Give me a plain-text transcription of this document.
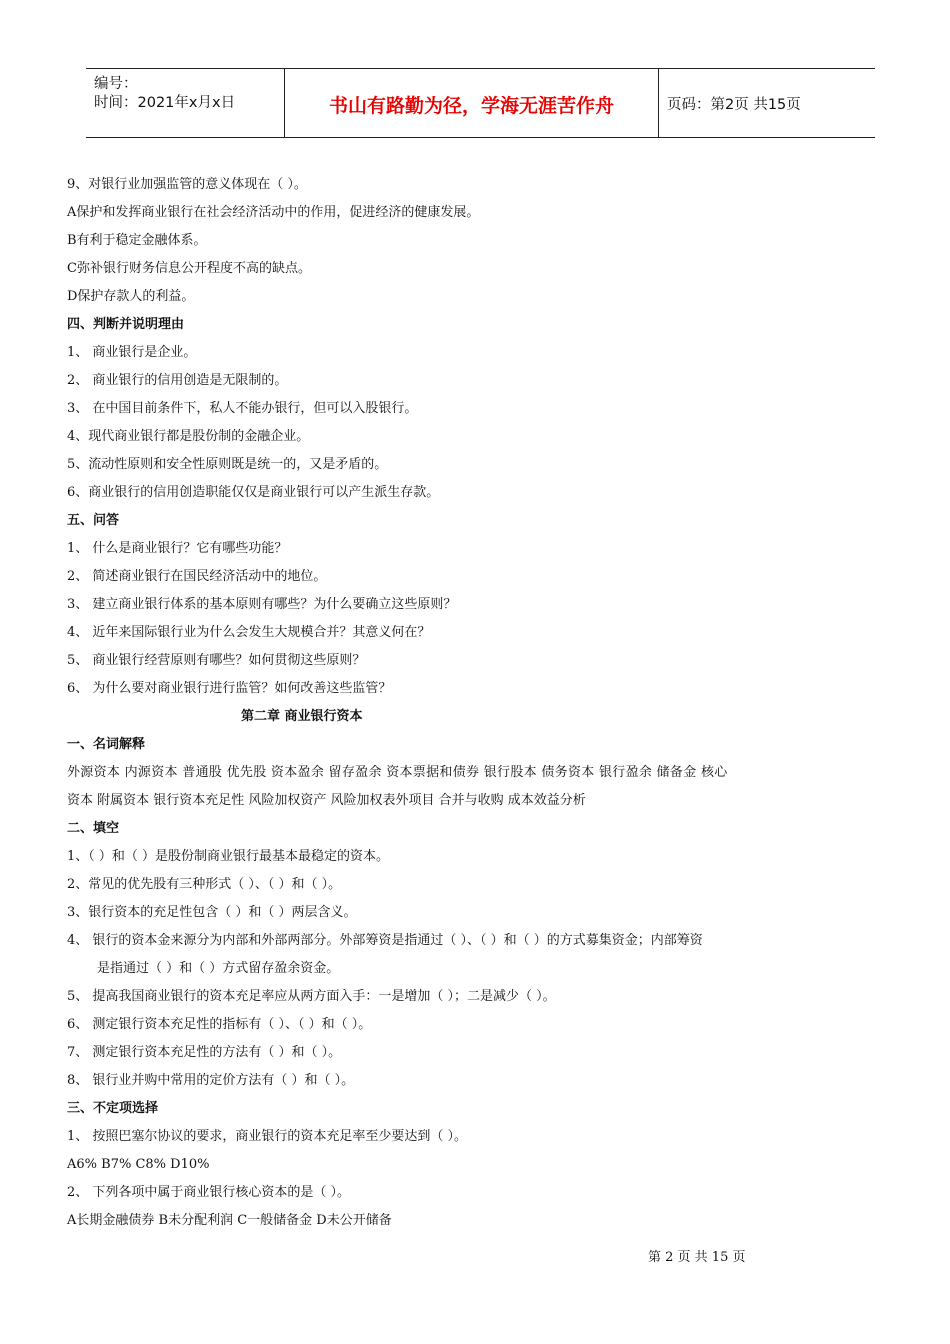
编号：
时间：2021年x月x日	书山有路勤为径，学海无涯苦作舟	页码：第2页 共15页
9、对银行业加强监管的意义体现在（ ）。
A保护和发挥商业银行在社会经济活动中的作用，促进经济的健康发展。
B有利于稳定金融体系。
C弥补银行财务信息公开程度不高的缺点。
D保护存款人的利益。
四、判断并说明理由
1、 商业银行是企业。
2、 商业银行的信用创造是无限制的。
3、 在中国目前条件下，私人不能办银行，但可以入股银行。
4、现代商业银行都是股份制的金融企业。
5、流动性原则和安全性原则既是统一的，又是矛盾的。
6、商业银行的信用创造职能仅仅是商业银行可以产生派生存款。
五、问答
1、 什么是商业银行？它有哪些功能？
2、 简述商业银行在国民经济活动中的地位。
3、 建立商业银行体系的基本原则有哪些？为什么要确立这些原则？
4、 近年来国际银行业为什么会发生大规模合并？其意义何在？
5、 商业银行经营原则有哪些？如何贯彻这些原则？
6、 为什么要对商业银行进行监管？如何改善这些监管？
第二章 商业银行资本
一、名词解释
外源资本 内源资本 普通股 优先股 资本盈余 留存盈余 资本票据和债券 银行股本 债务资本 银行盈余 储备金 核心
资本 附属资本 银行资本充足性 风险加权资产 风险加权表外项目 合并与收购 成本效益分析
二、填空
1、（ ）和（ ）是股份制商业银行最基本最稳定的资本。
2、常见的优先股有三种形式（ ）、（ ）和（ ）。
3、银行资本的充足性包含（ ）和（ ）两层含义。
4、 银行的资本金来源分为内部和外部两部分。外部筹资是指通过（ ）、（ ）和（ ）的方式募集资金；内部筹资
是指通过（ ）和（ ）方式留存盈余资金。
5、 提高我国商业银行的资本充足率应从两方面入手：一是增加（ ）；二是减少（ ）。
6、 测定银行资本充足性的指标有（ ）、（ ）和（ ）。
7、 测定银行资本充足性的方法有（ ）和（ ）。
8、 银行业并购中常用的定价方法有（ ）和（ ）。
三、不定项选择
1、 按照巴塞尔协议的要求，商业银行的资本充足率至少要达到（ ）。
A6% B7% C8% D10%
2、 下列各项中属于商业银行核心资本的是（ ）。
A长期金融债券 B未分配利润 C一般储备金 D未公开储备
第 2 页 共 15 页
